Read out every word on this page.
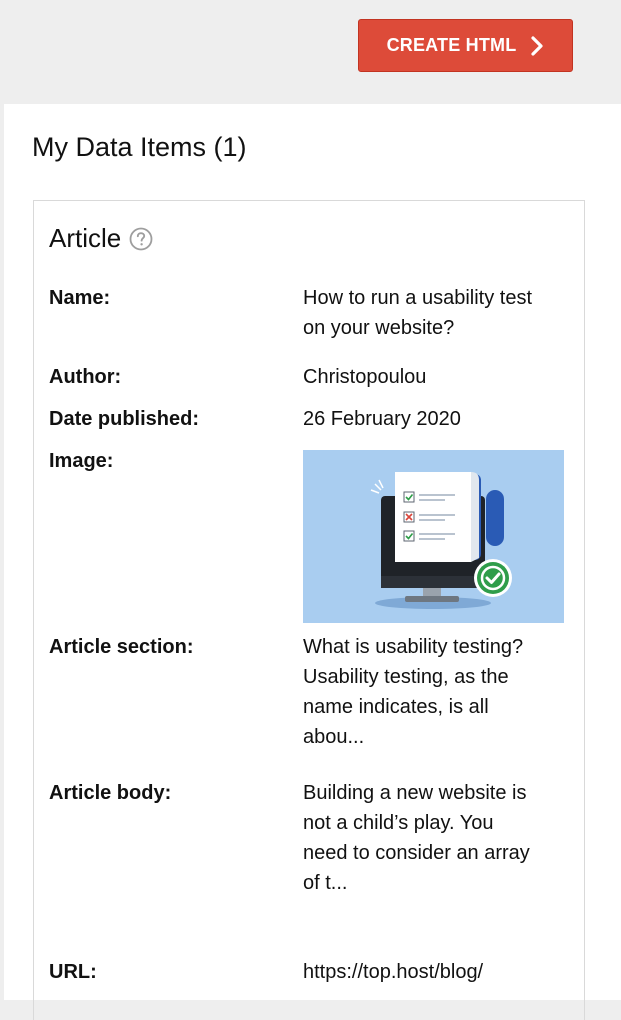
CREATE HTML
My Data Items (1)
Article
Name:	How to run a usability test on your website?
Author:	Christopoulou
Date published:	26 February 2020
Image:
Article section:	What is usability testing? Usability testing, as the name indicates, is all abou...
Article body:	Building a new website is not a child’s play. You need to consider an array of t...
URL:	https://top.host/blog/
